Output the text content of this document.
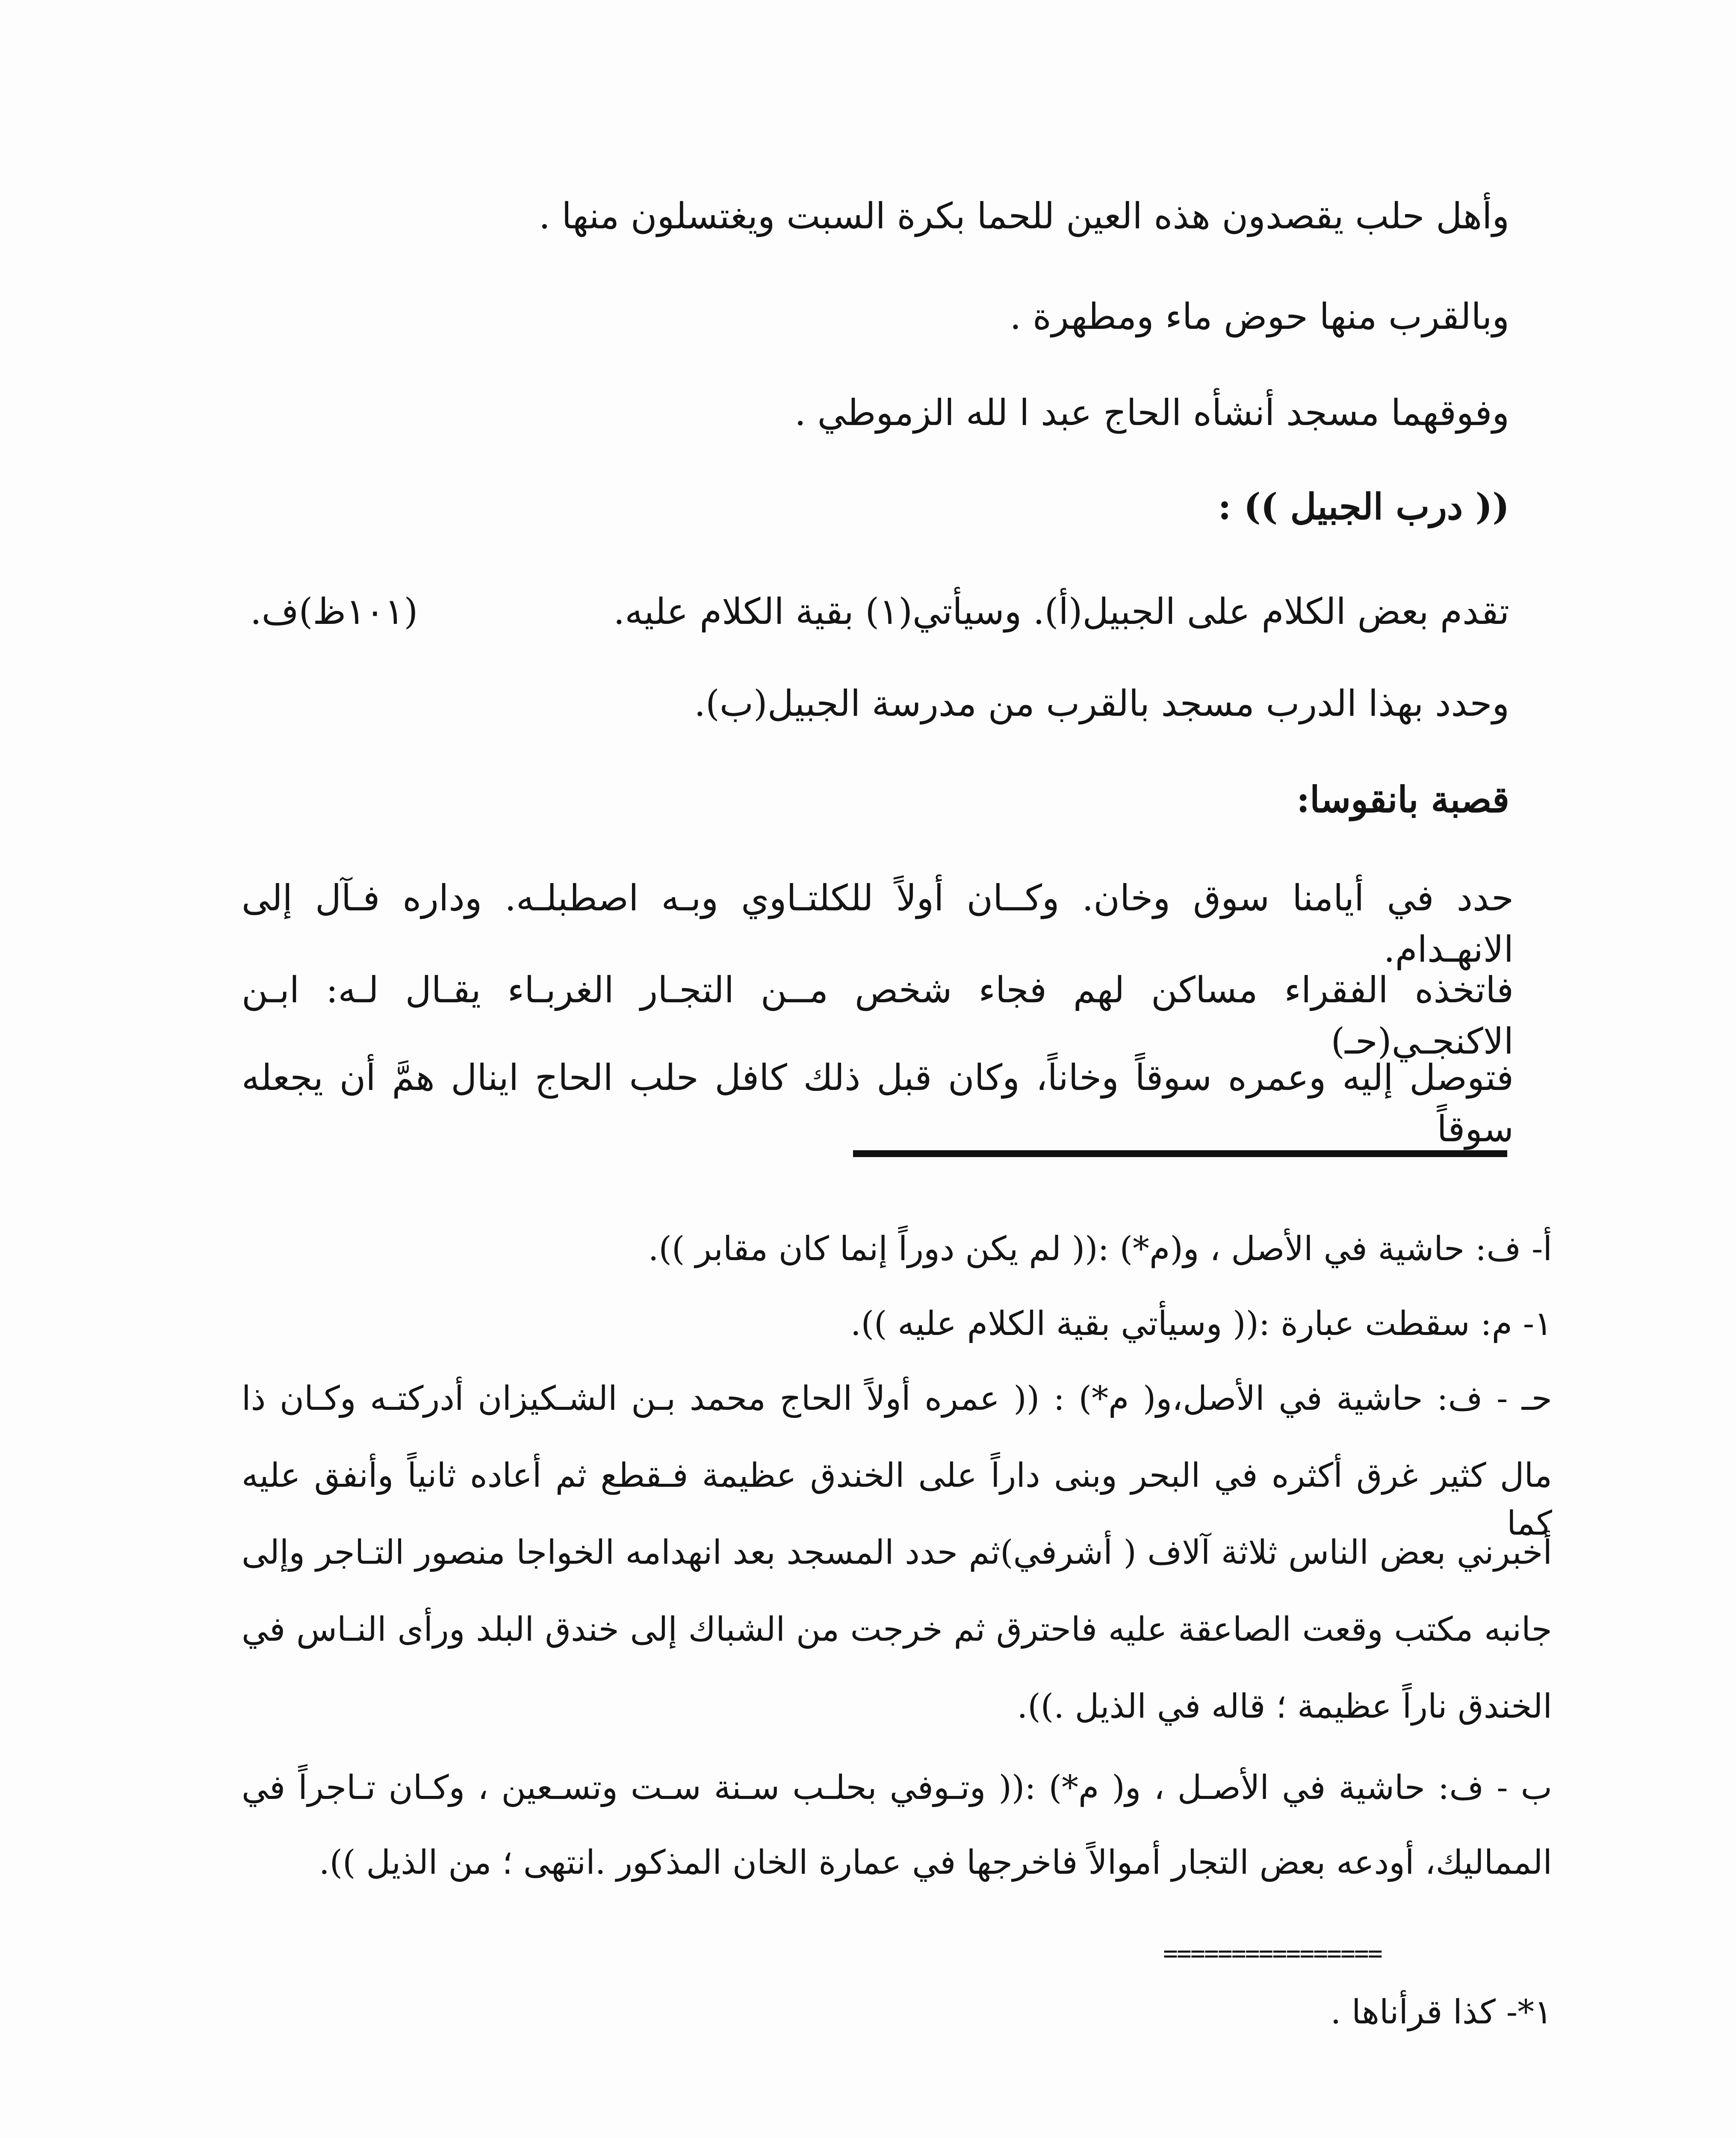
وأهل حلب يقصدون هذه العين للحما بكرة السبت ويغتسلون منها .
وبالقرب منها حوض ماء ومطهرة .
وفوقهما مسجد أنشأه الحاج عبد ا لله الزموطي .
(( درب الجبيل )) :
تقدم بعض الكلام على الجبيل(أ). وسيأتي(١) بقية الكلام عليه.
(١٠١ظ)ف.
وحدد بهذا الدرب مسجد بالقرب من مدرسة الجبيل(ب).
قصبة بانقوسا:
حدد في أيامنا سوق وخان. وكــان أولاً للكلتـاوي وبـه اصطبلـه. وداره فـآل إلى الانهـدام.
فاتخذه الفقراء مساكن لهم فجاء شخص مــن التجـار الغربـاء يقـال لـه: ابـن الاكنجـي(حـ)
فتوصل إليه وعمره سوقاً وخاناً، وكان قبل ذلك كافل حلب الحاج اينال همَّ أن يجعله سوقاً
أ- ف: حاشية في الأصل ، و(م*) :(( لم يكن دوراً إنما كان مقابر )).
١- م: سقطت عبارة :(( وسيأتي بقية الكلام عليه )).
حـ - ف: حاشية في الأصل،و( م*) : (( عمره أولاً الحاج محمد بـن الشـكيزان أدركتـه وكـان ذا
مال كثير غرق أكثره في البحر وبنى داراً على الخندق عظيمة فـقطع ثم أعاده ثانياً وأنفق عليه كما
أخبرني بعض الناس ثلاثة آلاف ( أشرفي)ثم حدد المسجد بعد انهدامه الخواجا منصور التـاجر وإلى
جانبه مكتب وقعت الصاعقة عليه فاحترق ثم خرجت من الشباك إلى خندق البلد ورأى النـاس في
الخندق ناراً عظيمة ؛ قاله في الذيل .)).
ب - ف: حاشية في الأصـل ، و( م*) :(( وتـوفي بحلـب سـنة سـت وتسـعين ، وكـان تـاجراً في
المماليك، أودعه بعض التجار أموالاً فاخرجها في عمارة الخان المذكور .انتهى ؛ من الذيل )).
================
١*- كذا قرأناها .
